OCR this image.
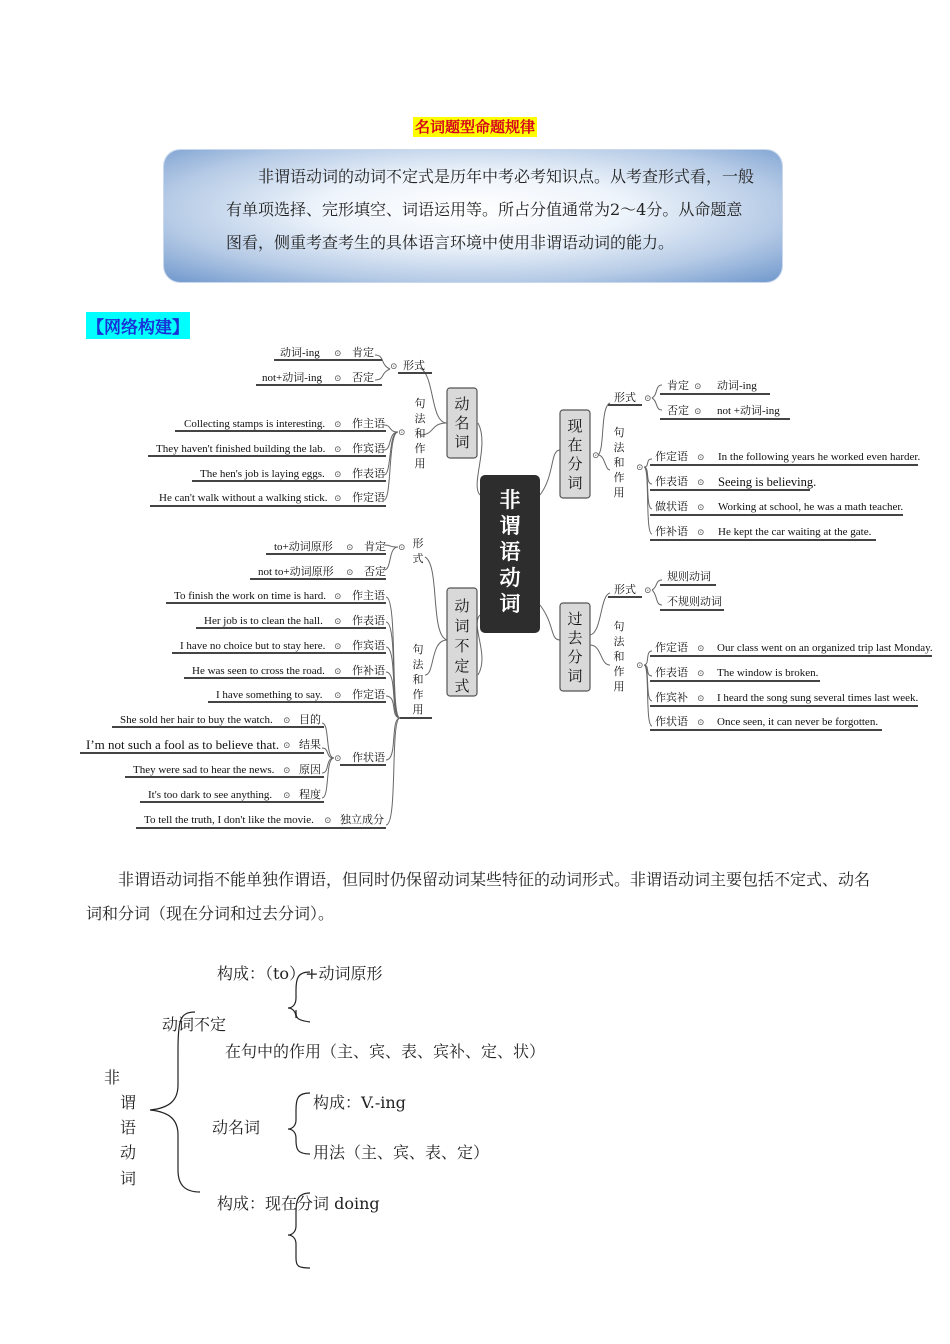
名词题型命题规律

非谓语动词的动词不定式是历年中考必考知识点。从考查形式看，一般有单项选择、完形填空、词语运用等。所占分值通常为2～4分。从命题意图看，侧重考查考生的具体语言环境中使用非谓语动词的能力。

【网络构建】
非
谓
语
动
词
动
名
词
形式
⊙
肯定
⊙
动词-ing
否定
⊙
not+动词-ing
句
法
和
作
用
⊙
作主语
⊙
Collecting stamps is interesting.
作宾语
⊙
They haven't finished building the lab.
作表语
⊙
The hen's job is laying eggs.
作定语
⊙
He can't walk without a walking stick.
动
词
不
定
式
形
式
⊙
肯定
⊙
to+动词原形
否定
⊙
not to+动词原形
句
法
和
作
用
作主语
⊙
To finish the work on time is hard.
作表语
⊙
Her job is to clean the hall.
作宾语
⊙
I have no choice but to stay here.
作补语
⊙
He was seen to cross the road.
作定语
⊙
I have something to say.
作状语
⊙
目的
⊙
She sold her hair to buy the watch.
结果
⊙
I’m not such a fool as to believe that.
原因
⊙
They were sad to hear the news.
程度
⊙
It's too dark to see anything.
独立成分
⊙
To tell the truth, I don't like the movie.
现
在
分
词
⊙
形式 ⊙
肯定 ⊙ 动词-ing
否定 ⊙ not +动词-ing
句
法
和
作
用
⊙
作定语 ⊙ In the following years he worked even harder.
作表语 ⊙ Seeing is believing.
做状语 ⊙ Working at school, he was a math teacher.
作补语 ⊙ He kept the car waiting at the gate.
过
去
分
词
形式 ⊙
规则动词
不规则动词
句
法
和
作
用
⊙
作定语 ⊙ Our class went on an organized trip last Monday.
作表语 ⊙ The window is broken.
作宾补 ⊙ I heard the song sung several times last week.
作状语 ⊙ Once seen, it can never be forgotten.
非谓语动词指不能单独作谓语，但同时仍保留动词某些特征的动词形式。非谓语动词主要包括不定式、动名词和分词（现在分词和过去分词）。
构成：（to）+动词原形
动词不定
在句中的作用（主、宾、表、宾补、定、状）
非
谓
语
动
词
构成：V.-ing
动名词
用法（主、宾、表、定）
构成：现在分词 doing
